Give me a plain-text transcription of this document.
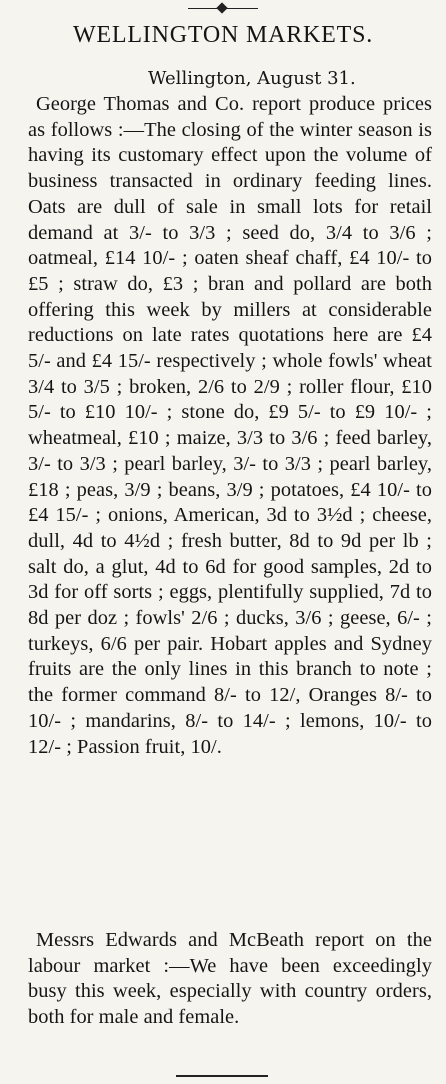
WELLINGTON MARKETS.
Wellington, August 31.
George Thomas and Co. report produce prices as follows :—The closing of the winter season is having its customary effect upon the volume of business transacted in ordinary feeding lines. Oats are dull of sale in small lots for retail demand at 3/- to 3/3 ; seed do, 3/4 to 3/6 ; oatmeal, £14 10/- ; oaten sheaf chaff, £4 10/- to £5 ; straw do, £3 ; bran and pollard are both offering this week by millers at considerable reductions on late rates quotations here are £4 5/- and £4 15/- respectively ; whole fowls' wheat 3/4 to 3/5 ; broken, 2/6 to 2/9 ; roller flour, £10 5/- to £10 10/- ; stone do, £9 5/- to £9 10/- ; wheatmeal, £10 ; maize, 3/3 to 3/6 ; feed barley, 3/- to 3/3 ; pearl barley, 3/- to 3/3 ; pearl barley, £18 ; peas, 3/9 ; beans, 3/9 ; potatoes, £4 10/- to £4 15/- ; onions, American, 3d to 3½d ; cheese, dull, 4d to 4½d ; fresh butter, 8d to 9d per lb ; salt do, a glut, 4d to 6d for good samples, 2d to 3d for off sorts ; eggs, plentifully supplied, 7d to 8d per doz ; fowls' 2/6 ; ducks, 3/6 ; geese, 6/- ; turkeys, 6/6 per pair. Hobart apples and Sydney fruits are the only lines in this branch to note ; the former command 8/- to 12/, Oranges 8/- to 10/- ; mandarins, 8/- to 14/- ; lemons, 10/- to 12/- ; Passion fruit, 10/.
Messrs Edwards and McBeath report on the labour market :—We have been exceedingly busy this week, especially with country orders, both for male and female.
